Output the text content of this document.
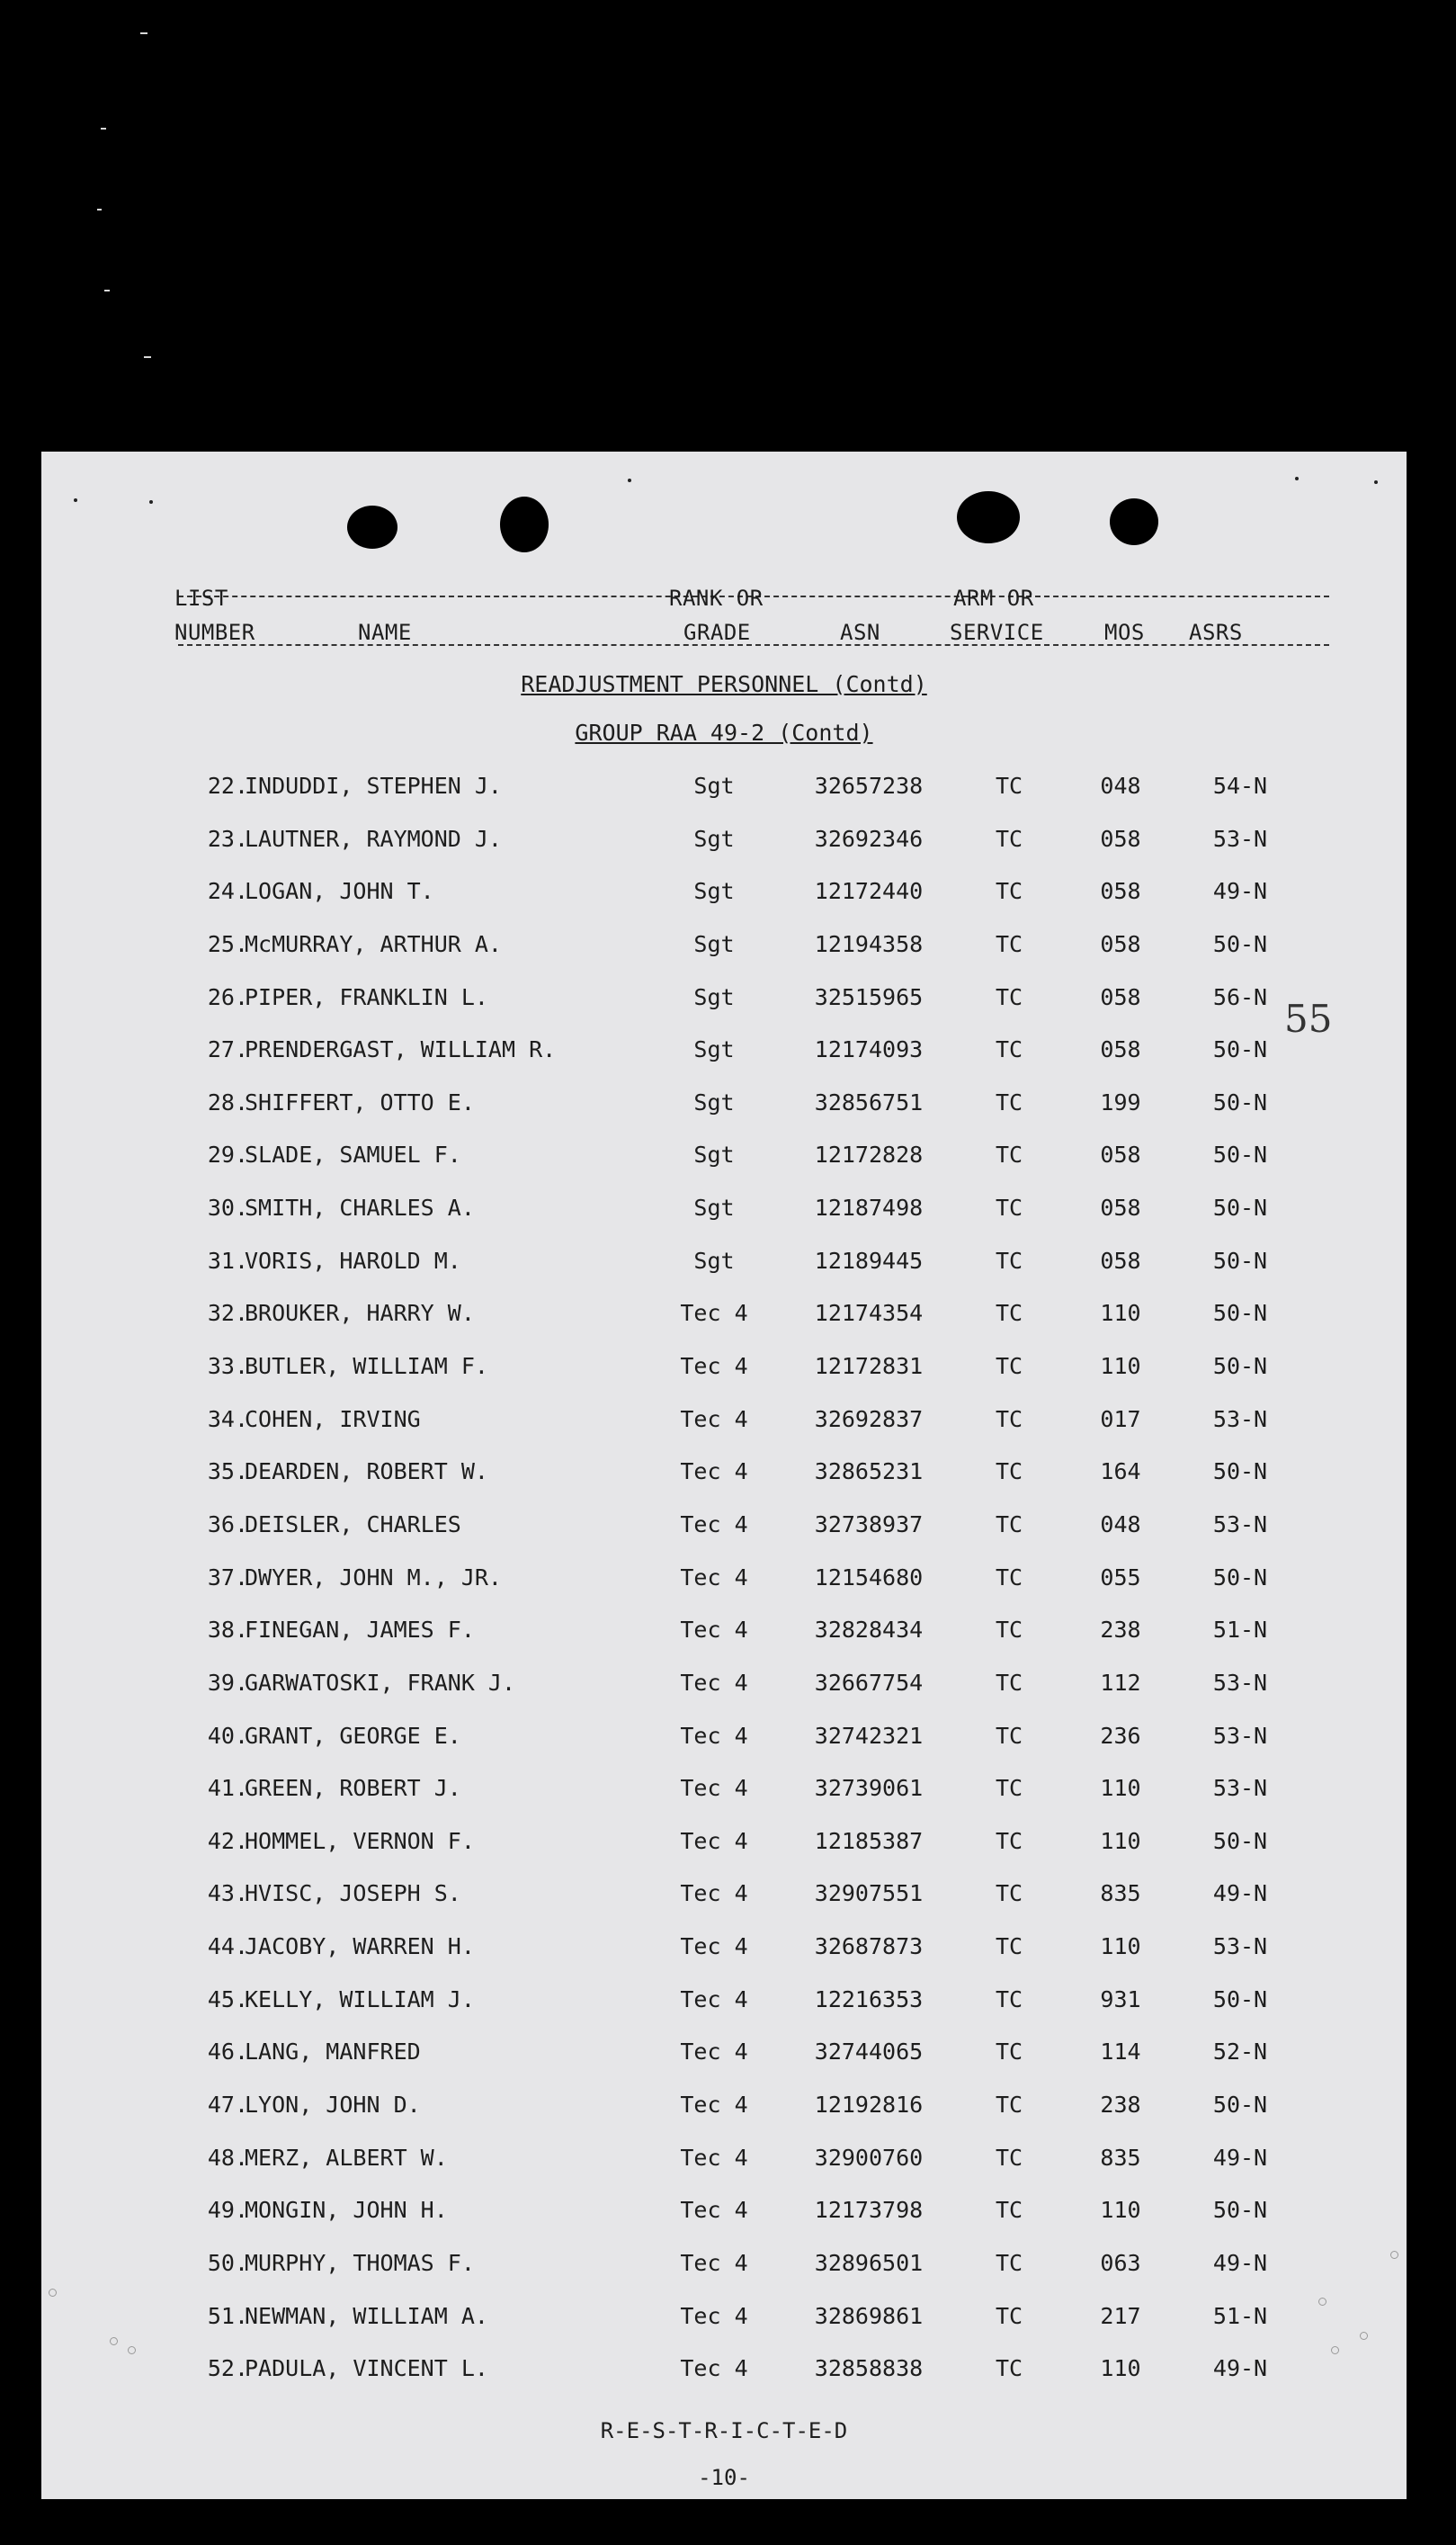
LIST
NUMBER	NAME
RANK OR
GRADE	ASN
ARM OR
SERVICE	MOS ASRS
READJUSTMENT PERSONNEL (Contd)
GROUP RAA 49-2 (Contd)
55
22.
INDUDDI, STEPHEN J.	Sgt	32657238	TC	048	54-N
23.
LAUTNER, RAYMOND J.	Sgt	32692346	TC	058	53-N
24.
LOGAN, JOHN T.	Sgt	12172440	TC	058	49-N
25.
McMURRAY, ARTHUR A.	Sgt	12194358	TC	058	50-N
26.
PIPER, FRANKLIN L.	Sgt	32515965	TC	058	56-N
27.
PRENDERGAST, WILLIAM R.	Sgt	12174093	TC	058	50-N
28.
SHIFFERT, OTTO E.	Sgt	32856751	TC	199	50-N
29.
SLADE, SAMUEL F.	Sgt	12172828	TC	058	50-N
30.
SMITH, CHARLES A.	Sgt	12187498	TC	058	50-N
31.
VORIS, HAROLD M.	Sgt	12189445	TC	058	50-N
32.
BROUKER, HARRY W.	Tec 4	12174354	TC	110	50-N
33.
BUTLER, WILLIAM F.	Tec 4	12172831	TC	110	50-N
34.
COHEN, IRVING	Tec 4	32692837	TC	017	53-N
35.
DEARDEN, ROBERT W.	Tec 4	32865231	TC	164	50-N
36.
DEISLER, CHARLES	Tec 4	32738937	TC	048	53-N
37.
DWYER, JOHN M., JR.	Tec 4	12154680	TC	055	50-N
38.
FINEGAN, JAMES F.	Tec 4	32828434	TC	238	51-N
39.
GARWATOSKI, FRANK J.	Tec 4	32667754	TC	112	53-N
40.
GRANT, GEORGE E.	Tec 4	32742321	TC	236	53-N
41.
GREEN, ROBERT J.	Tec 4	32739061	TC	110	53-N
42.
HOMMEL, VERNON F.	Tec 4	12185387	TC	110	50-N
43.
HVISC, JOSEPH S.	Tec 4	32907551	TC	835	49-N
44.
JACOBY, WARREN H.	Tec 4	32687873	TC	110	53-N
45.
KELLY, WILLIAM J.	Tec 4	12216353	TC	931	50-N
46.
LANG, MANFRED	Tec 4	32744065	TC	114	52-N
47.
LYON, JOHN D.	Tec 4	12192816	TC	238	50-N
48.
MERZ, ALBERT W.	Tec 4	32900760	TC	835	49-N
49.
MONGIN, JOHN H.	Tec 4	12173798	TC	110	50-N
50.
MURPHY, THOMAS F.	Tec 4	32896501	TC	063	49-N
51.
NEWMAN, WILLIAM A.	Tec 4	32869861	TC	217	51-N
52.
PADULA, VINCENT L.	Tec 4	32858838	TC	110	49-N
R-E-S-T-R-I-C-T-E-D
-10-
